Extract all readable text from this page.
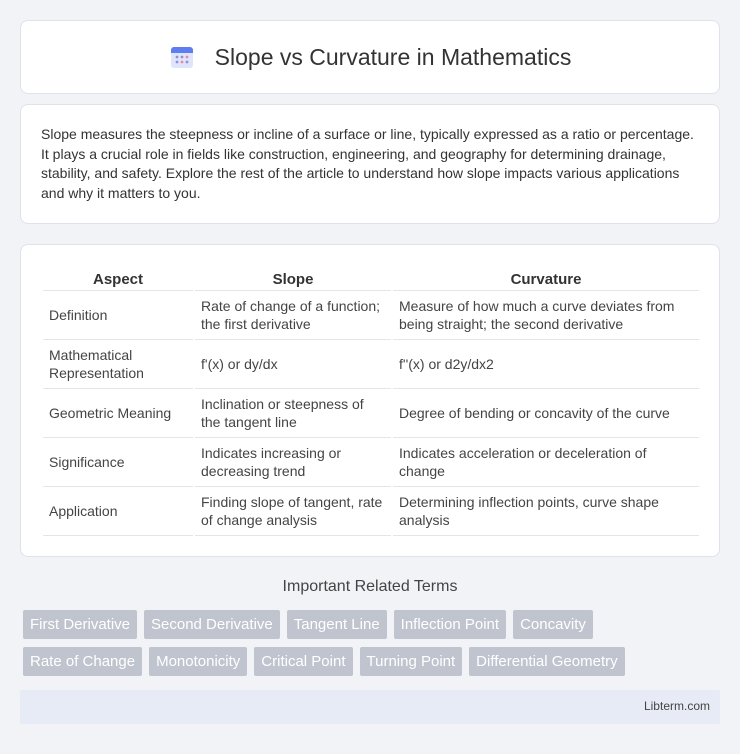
Slope vs Curvature in Mathematics

Slope measures the steepness or incline of a surface or line, typically expressed as a ratio or percentage. It plays a crucial role in fields like construction, engineering, and geography for determining drainage, stability, and safety. Explore the rest of the article to understand how slope impacts various applications and why it matters to you.

Aspect	Slope	Curvature
Definition	Rate of change of a function; the first derivative	Measure of how much a curve deviates from being straight; the second derivative
Mathematical Representation	f'(x) or dy/dx	f''(x) or d2y/dx2
Geometric Meaning	Inclination or steepness of the tangent line	Degree of bending or concavity of the curve
Significance	Indicates increasing or decreasing trend	Indicates acceleration or deceleration of change
Application	Finding slope of tangent, rate of change analysis	Determining inflection points, curve shape analysis
Important Related Terms
First Derivative	Second Derivative	Tangent Line	Inflection Point	Concavity
Rate of Change	Monotonicity	Critical Point	Turning Point	Differential Geometry
Libterm.com
